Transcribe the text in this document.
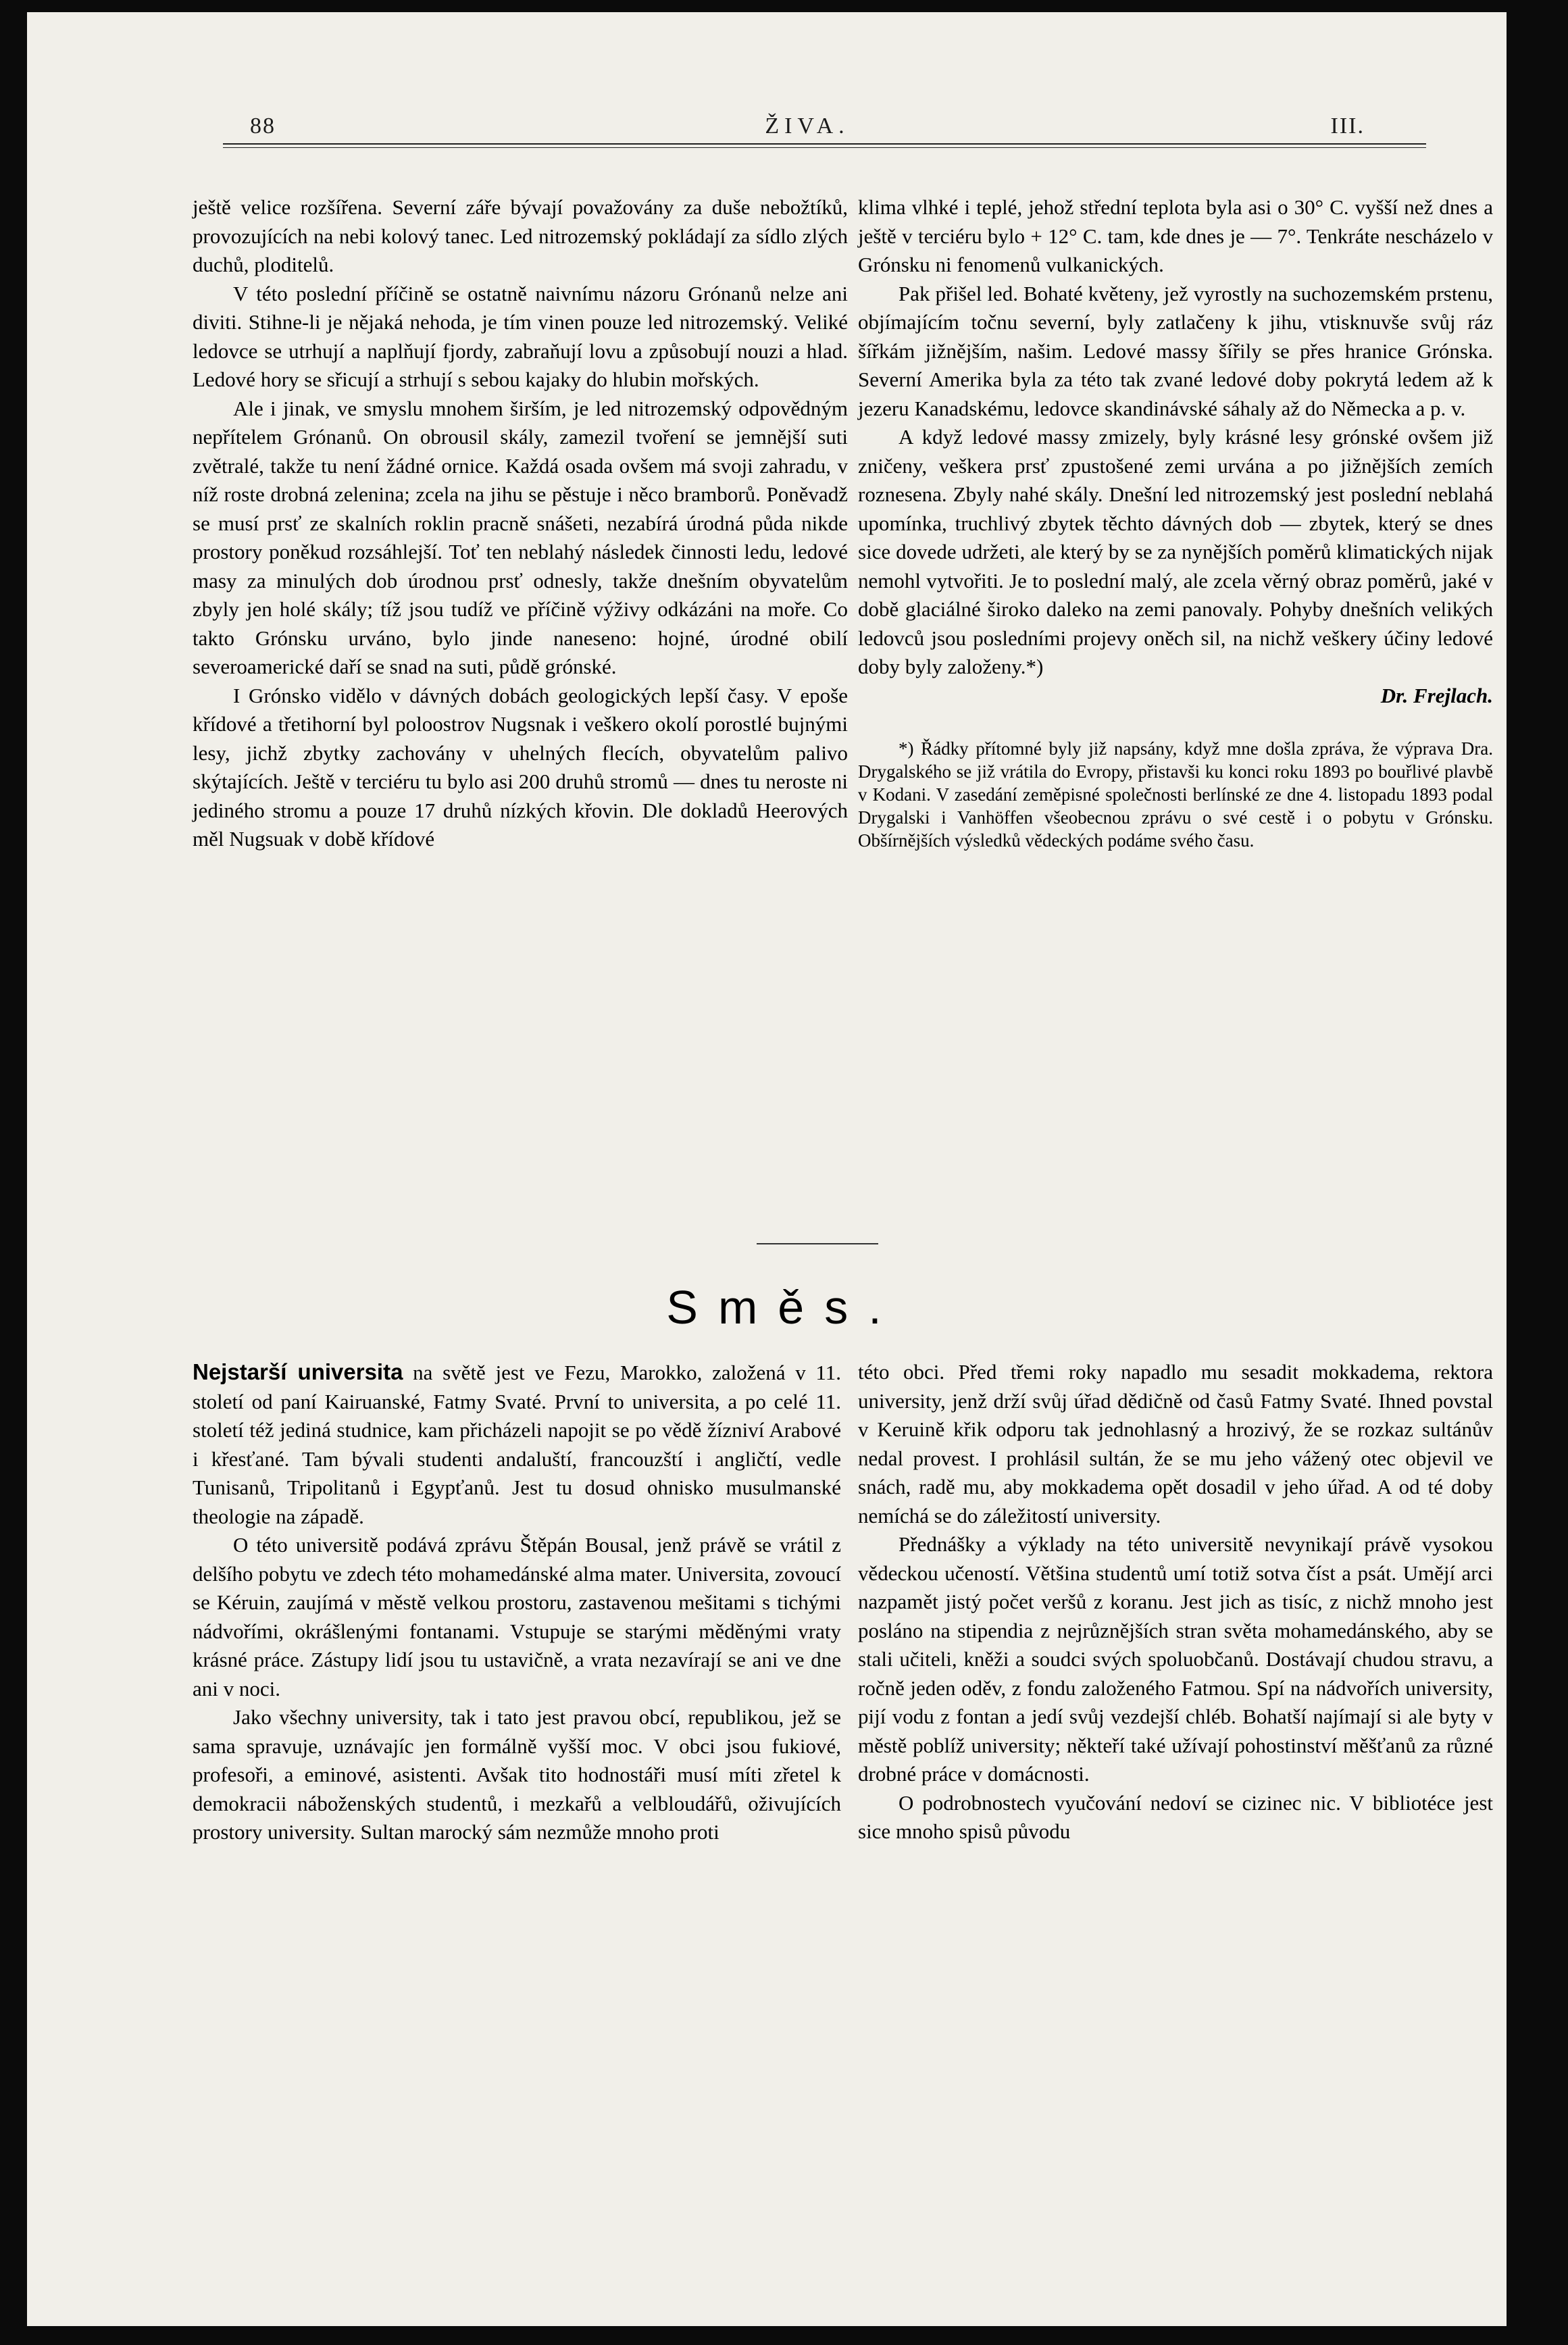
88	ŽIVA.	III.

ještě velice rozšířena. Severní záře bývají považovány za duše nebožtíků, provozujících na nebi kolový tanec. Led nitrozemský pokládají za sídlo zlých duchů, ploditelů.

V této poslední příčině se ostatně naivnímu názoru Grónanů nelze ani diviti. Stihne-li je nějaká nehoda, je tím vinen pouze led nitrozemský. Veliké ledovce se utrhují a naplňují fjordy, zabraňují lovu a způsobují nouzi a hlad. Ledové hory se sřicují a strhují s sebou kajaky do hlubin mořských.

Ale i jinak, ve smyslu mnohem širším, je led nitrozemský odpovědným nepřítelem Grónanů. On obrousil skály, zamezil tvoření se jemnější suti zvětralé, takže tu není žádné ornice. Každá osada ovšem má svoji zahradu, v níž roste drobná zelenina; zcela na jihu se pěstuje i něco bramborů. Poněvadž se musí prsť ze skalních roklin pracně snášeti, nezabírá úrodná půda nikde prostory poněkud rozsáhlejší. Toť ten neblahý následek činnosti ledu, ledové masy za minulých dob úrodnou prsť odnesly, takže dnešním obyvatelům zbyly jen holé skály; tíž jsou tudíž ve příčině výživy odkázáni na moře. Co takto Grónsku urváno, bylo jinde naneseno: hojné, úrodné obilí severoamerické daří se snad na suti, půdě grónské.

I Grónsko vidělo v dávných dobách geologických lepší časy. V epoše křídové a třetihorní byl poloostrov Nugsnak i veškero okolí porostlé bujnými lesy, jichž zbytky zachovány v uhelných flecích, obyvatelům palivo skýtajících. Ještě v terciéru tu bylo asi 200 druhů stromů — dnes tu neroste ni jediného stromu a pouze 17 druhů nízkých křovin. Dle dokladů Heerových měl Nugsuak v době křídové

klima vlhké i teplé, jehož střední teplota byla asi o 30° C. vyšší než dnes a ještě v terciéru bylo + 12° C. tam, kde dnes je — 7°. Tenkráte nescházelo v Grónsku ni fenomenů vulkanických.

Pak přišel led. Bohaté květeny, jež vyrostly na suchozemském prstenu, objímajícím točnu severní, byly zatlačeny k jihu, vtisknuvše svůj ráz šířkám jižnějším, našim. Ledové massy šířily se přes hranice Grónska. Severní Amerika byla za této tak zvané ledové doby pokrytá ledem až k jezeru Kanadskému, ledovce skandinávské sáhaly až do Německa a p. v.

A když ledové massy zmizely, byly krásné lesy grónské ovšem již zničeny, veškera prsť zpustošené zemi urvána a po jižnějších zemích roznesena. Zbyly nahé skály. Dnešní led nitrozemský jest poslední neblahá upomínka, truchlivý zbytek těchto dávných dob — zbytek, který se dnes sice dovede udržeti, ale který by se za nynějších poměrů klimatických nijak nemohl vytvořiti. Je to poslední malý, ale zcela věrný obraz poměrů, jaké v době glaciálné široko daleko na zemi panovaly. Pohyby dnešních velikých ledovců jsou posledními projevy oněch sil, na nichž veškery účiny ledové doby byly založeny.*)

Dr. Frejlach.

*) Řádky přítomné byly již napsány, když mne došla zpráva, že výprava Dra. Drygalského se již vrátila do Evropy, přistavši ku konci roku 1893 po bouřlivé plavbě v Kodani. V zasedání zeměpisné společnosti berlínské ze dne 4. listopadu 1893 podal Drygalski i Vanhöffen všeobecnou zprávu o své cestě i o pobytu v Grónsku. Obšírnějších výsledků vědeckých podáme svého času.

Směs.

Nejstarší universita na světě jest ve Fezu, Marokko, založená v 11. století od paní Kairuanské, Fatmy Svaté. První to universita, a po celé 11. století též jediná studnice, kam přicházeli napojit se po vědě žízniví Arabové i křesťané. Tam bývali studenti andaluští, francouzští i angličtí, vedle Tunisanů, Tripolitanů i Egypťanů. Jest tu dosud ohnisko musulmanské theologie na západě.

O této universitě podává zprávu Štěpán Bousal, jenž právě se vrátil z delšího pobytu ve zdech této mohamedánské alma mater. Universita, zovoucí se Kéruin, zaujímá v městě velkou prostoru, zastavenou mešitami s tichými nádvořími, okrášlenými fontanami. Vstupuje se starými měděnými vraty krásné práce. Zástupy lidí jsou tu ustavičně, a vrata nezavírají se ani ve dne ani v noci.

Jako všechny university, tak i tato jest pravou obcí, republikou, jež se sama spravuje, uznávajíc jen formálně vyšší moc. V obci jsou fukiové, profesoři, a eminové, asistenti. Avšak tito hodnostáři musí míti zřetel k demokracii náboženských studentů, i mezkařů a velbloudářů, oživujících prostory university. Sultan marocký sám nezmůže mnoho proti

této obci. Před třemi roky napadlo mu sesadit mokkadema, rektora university, jenž drží svůj úřad dědičně od časů Fatmy Svaté. Ihned povstal v Keruině křik odporu tak jednohlasný a hrozivý, že se rozkaz sultánův nedal provest. I prohlásil sultán, že se mu jeho vážený otec objevil ve snách, radě mu, aby mokkadema opět dosadil v jeho úřad. A od té doby nemíchá se do záležitostí university.

Přednášky a výklady na této universitě nevynikají právě vysokou vědeckou učeností. Většina studentů umí totiž sotva číst a psát. Umějí arci nazpamět jistý počet veršů z koranu. Jest jich as tisíc, z nichž mnoho jest posláno na stipendia z nejrůznějších stran světa mohamedánského, aby se stali učiteli, kněži a soudci svých spoluobčanů. Dostávají chudou stravu, a ročně jeden oděv, z fondu založeného Fatmou. Spí na nádvořích university, pijí vodu z fontan a jedí svůj vezdejší chléb. Bohatší najímají si ale byty v městě poblíž university; někteří také užívají pohostinství měšťanů za různé drobné práce v domácnosti.

O podrobnostech vyučování nedoví se cizinec nic. V bibliotéce jest sice mnoho spisů původu
